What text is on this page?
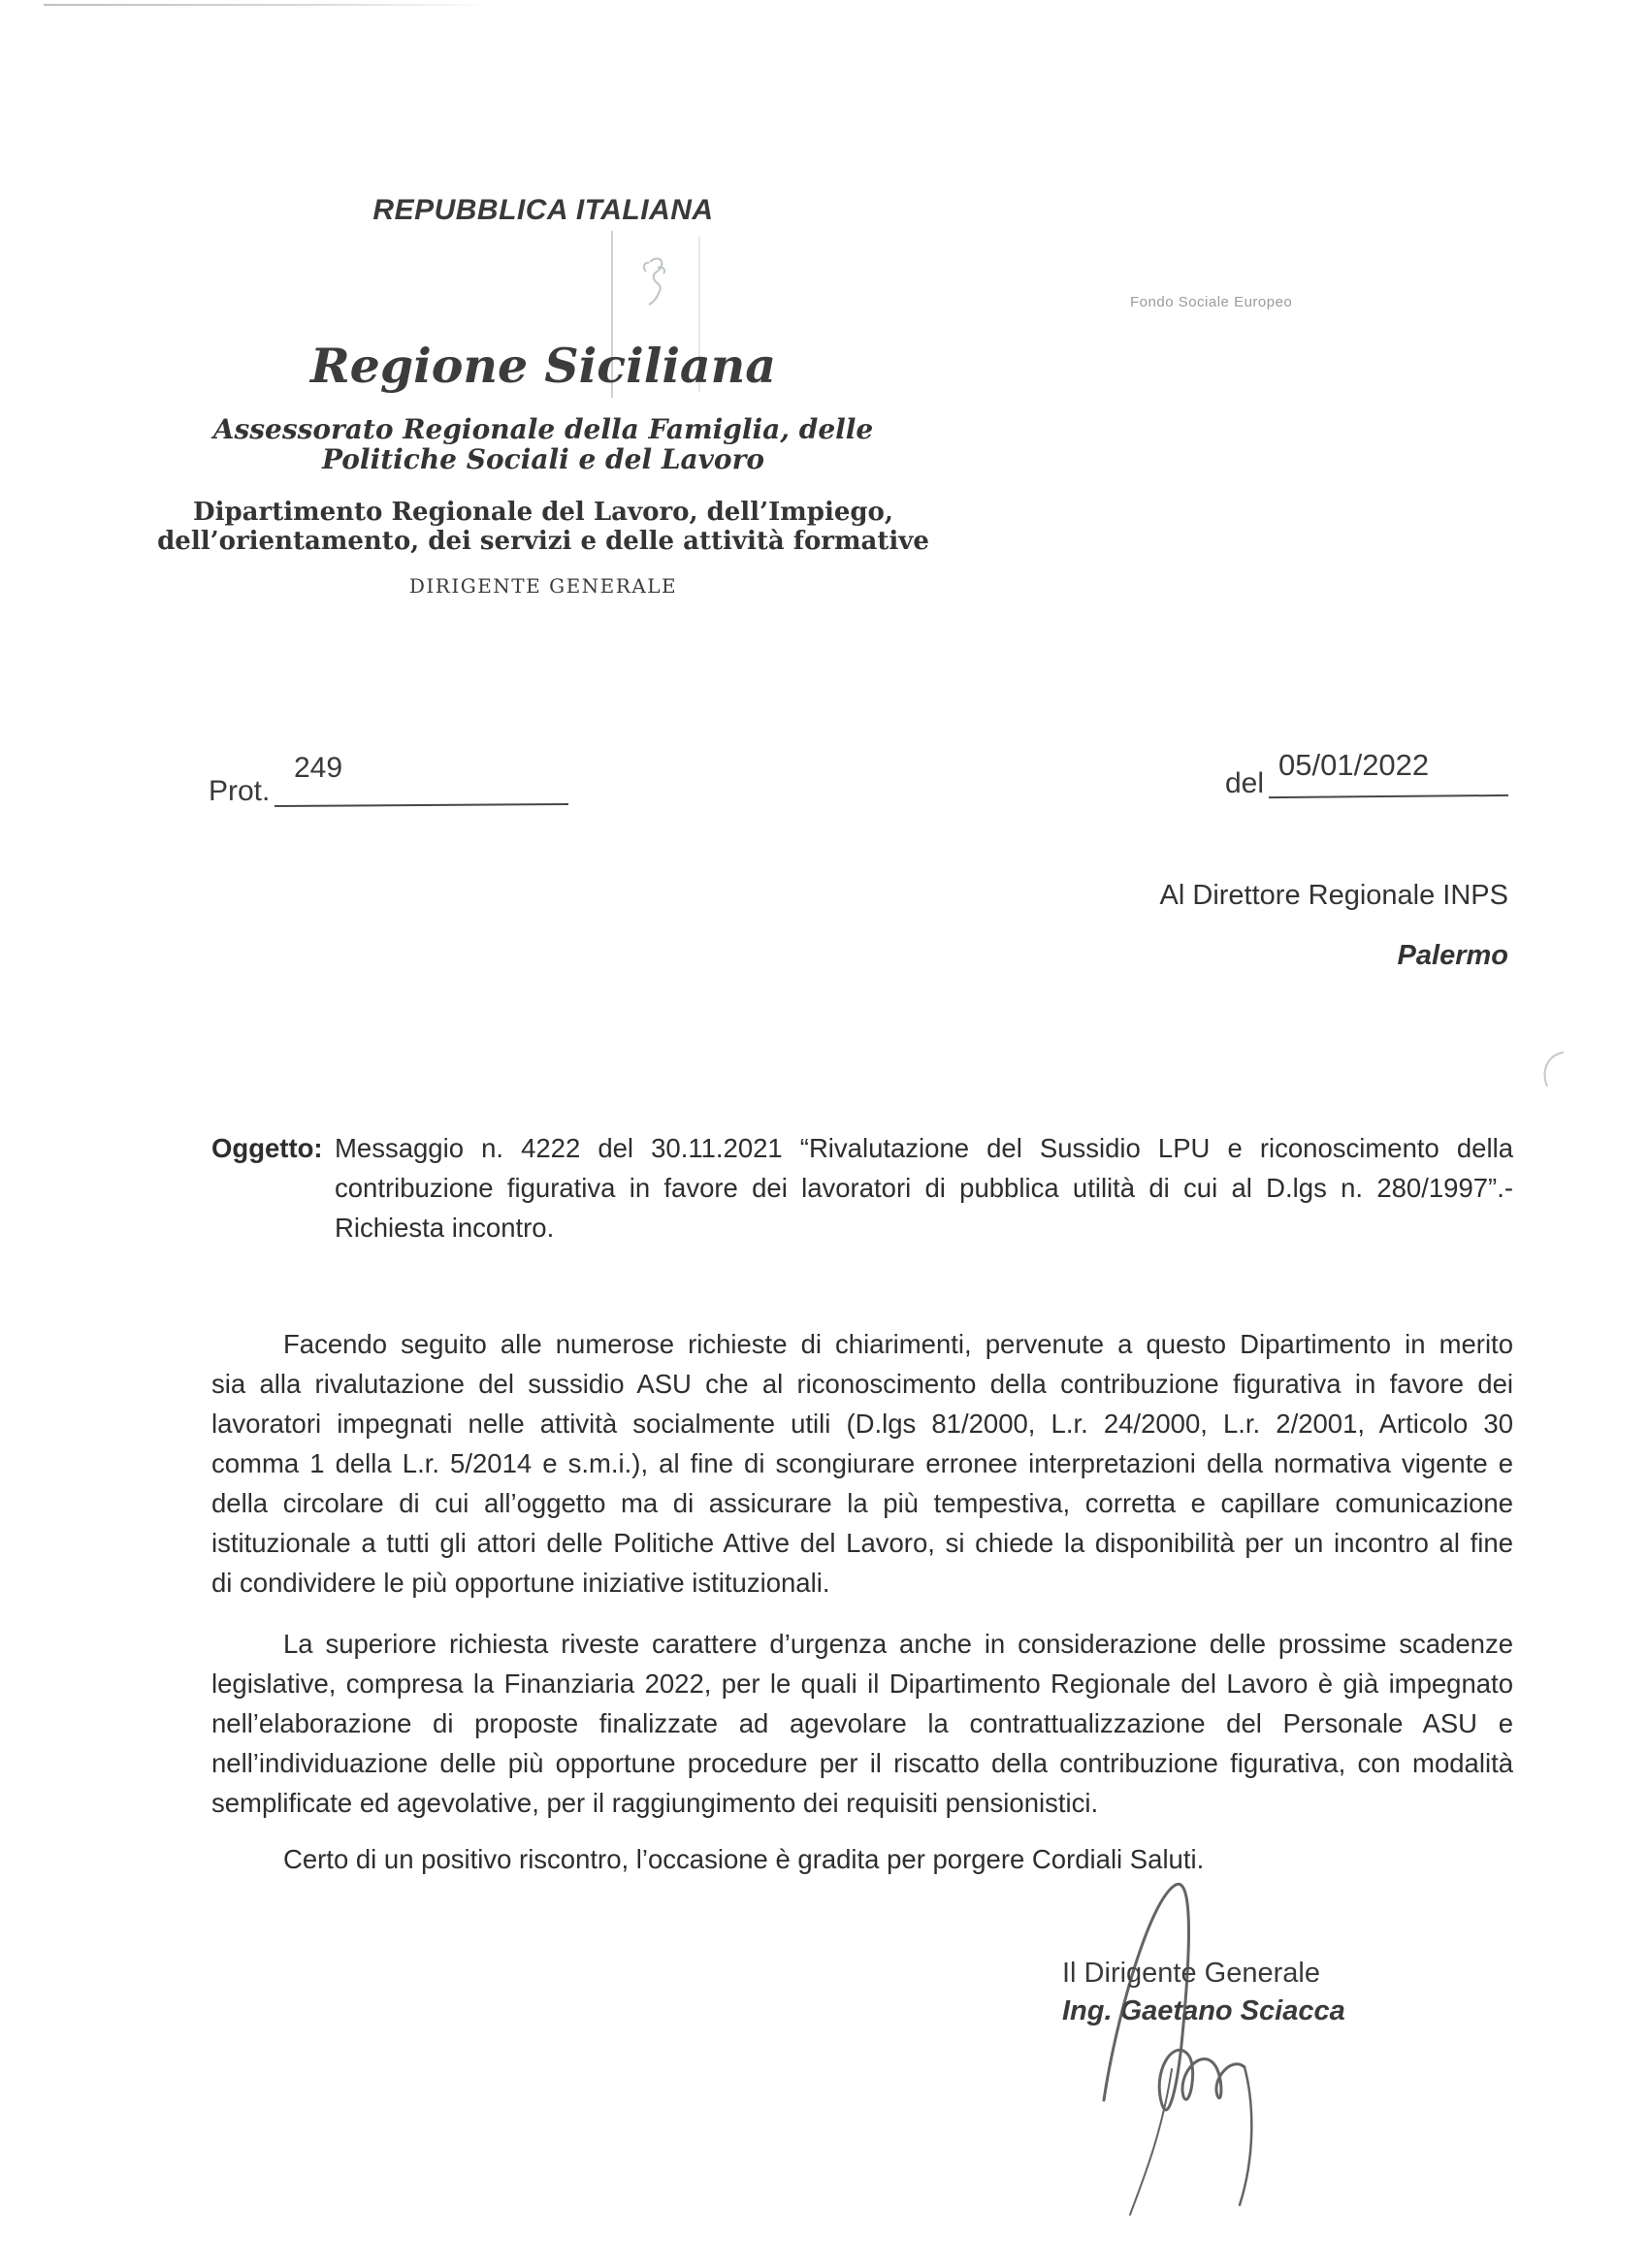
REPUBBLICA ITALIANA
Regione Siciliana
Assessorato Regionale della Famiglia, delle
Politiche Sociali e del Lavoro
Dipartimento Regionale del Lavoro, dell’Impiego,
dell’orientamento, dei servizi e delle attività formative
DIRIGENTE GENERALE
Fondo Sociale Europeo
Prot.
249	del
05/01/2022
Al Direttore Regionale INPS
Palermo
Oggetto: Messaggio n. 4222 del 30.11.2021 “Rivalutazione del Sussidio LPU e riconoscimento della
contribuzione figurativa in favore dei lavoratori di pubblica utilità di cui al D.lgs n. 280/1997”.-
Richiesta incontro.
Facendo seguito alle numerose richieste di chiarimenti, pervenute a questo Dipartimento in merito
sia alla rivalutazione del sussidio ASU che al riconoscimento della contribuzione figurativa in favore dei
lavoratori impegnati nelle attività socialmente utili (D.lgs 81/2000, L.r. 24/2000, L.r. 2/2001, Articolo 30
comma 1 della L.r. 5/2014 e s.m.i.), al fine di scongiurare erronee interpretazioni della normativa vigente e
della circolare di cui all’oggetto ma di assicurare la più tempestiva, corretta e capillare comunicazione
istituzionale a tutti gli attori delle Politiche Attive del Lavoro, si chiede la disponibilità per un incontro al fine
di condividere le più opportune iniziative istituzionali.
La superiore richiesta riveste carattere d’urgenza anche in considerazione delle prossime scadenze
legislative, compresa la Finanziaria 2022, per le quali il Dipartimento Regionale del Lavoro è già impegnato
nell’elaborazione di proposte finalizzate ad agevolare la contrattualizzazione del Personale ASU e
nell’individuazione delle più opportune procedure per il riscatto della contribuzione figurativa, con modalità
semplificate ed agevolative, per il raggiungimento dei requisiti pensionistici.
Certo di un positivo riscontro, l’occasione è gradita per porgere Cordiali Saluti.
Il Dirigente Generale
Ing. Gaetano Sciacca
